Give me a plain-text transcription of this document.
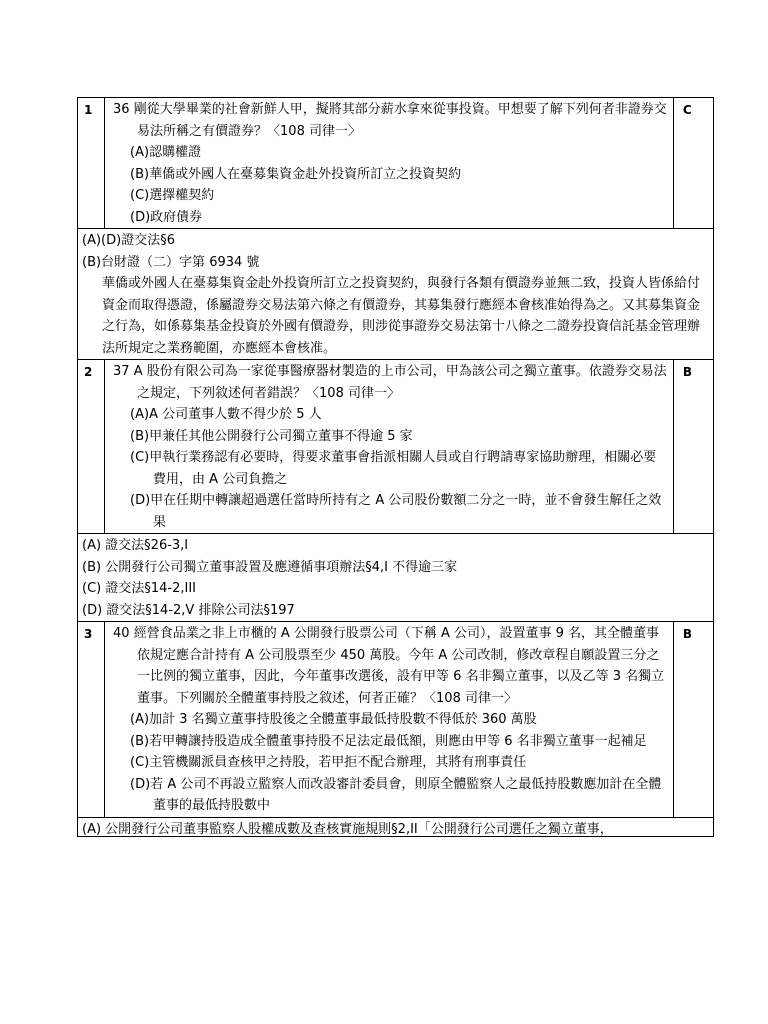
1	36 剛從大學畢業的社會新鮮人甲，擬將其部分薪水拿來從事投資。甲想要了解下列何者非證券交易法所稱之有價證券？〈108 司律一〉
(A)認購權證
(B)華僑或外國人在臺募集資金赴外投資所訂立之投資契約
(C)選擇權契約
(D)政府債券	C

(A)(D)證交法§6
(B)台財證（二）字第 6934 號
華僑或外國人在臺募集資金赴外投資所訂立之投資契約，與發行各類有價證券並無二致，投資人皆係給付資金而取得憑證，係屬證券交易法第六條之有價證券，其募集發行應經本會核准始得為之。又其募集資金之行為，如係募集基金投資於外國有價證券，則涉從事證券交易法第十八條之二證券投資信託基金管理辦法所規定之業務範圍，亦應經本會核准。		

2	37 A 股份有限公司為一家從事醫療器材製造的上市公司，甲為該公司之獨立董事。依證券交易法之規定，下列敘述何者錯誤？〈108 司律一〉
(A)A 公司董事人數不得少於 5 人
(B)甲兼任其他公開發行公司獨立董事不得逾 5 家
(C)甲執行業務認有必要時，得要求董事會指派相關人員或自行聘請專家協助辦理，相關必要費用，由 A 公司負擔之
(D)甲在任期中轉讓超過選任當時所持有之 A 公司股份數額二分之一時，並不會發生解任之效果	B

(A) 證交法§26-3,I
(B) 公開發行公司獨立董事設置及應遵循事項辦法§4,I 不得逾三家
(C) 證交法§14-2,III
(D) 證交法§14-2,V 排除公司法§197		

3	40 經營食品業之非上市櫃的 A 公開發行股票公司（下稱 A 公司），設置董事 9 名，其全體董事依規定應合計持有 A 公司股票至少 450 萬股。今年 A 公司改制，修改章程自願設置三分之一比例的獨立董事，因此，今年董事改選後，設有甲等 6 名非獨立董事，以及乙等 3 名獨立董事。下列關於全體董事持股之敘述，何者正確？〈108 司律一〉
(A)加計 3 名獨立董事持股後之全體董事最低持股數不得低於 360 萬股
(B)若甲轉讓持股造成全體董事持股不足法定最低額，則應由甲等 6 名非獨立董事一起補足
(C)主管機關派員查核甲之持股，若甲拒不配合辦理，其將有刑事責任
(D)若 A 公司不再設立監察人而改設審計委員會，則原全體監察人之最低持股數應加計在全體董事的最低持股數中	B

(A) 公開發行公司董事監察人股權成數及查核實施規則§2,II「公開發行公司選任之獨立董事，		
